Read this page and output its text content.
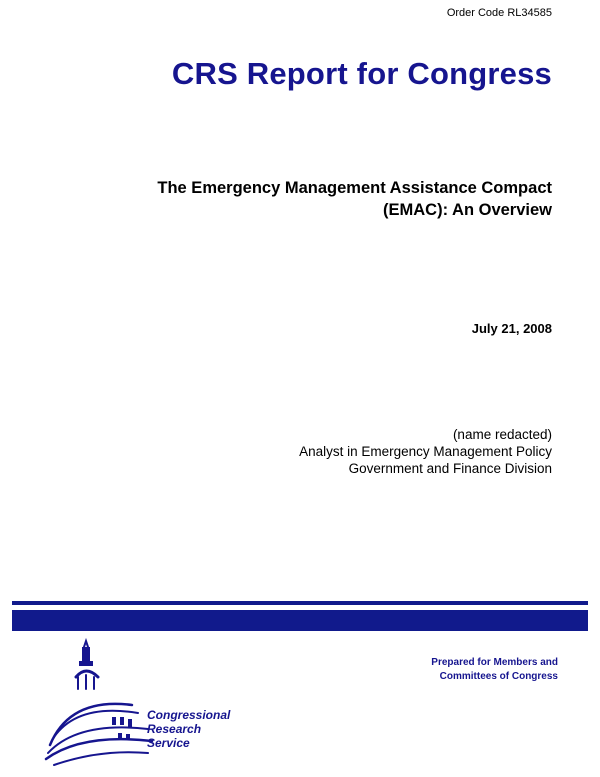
Order Code RL34585
CRS Report for Congress
The Emergency Management Assistance Compact
(EMAC): An Overview
July 21, 2008
(name redacted)
Analyst in Emergency Management Policy
Government and Finance Division
Congressional
Research
Service
Prepared for Members and
Committees of Congress
